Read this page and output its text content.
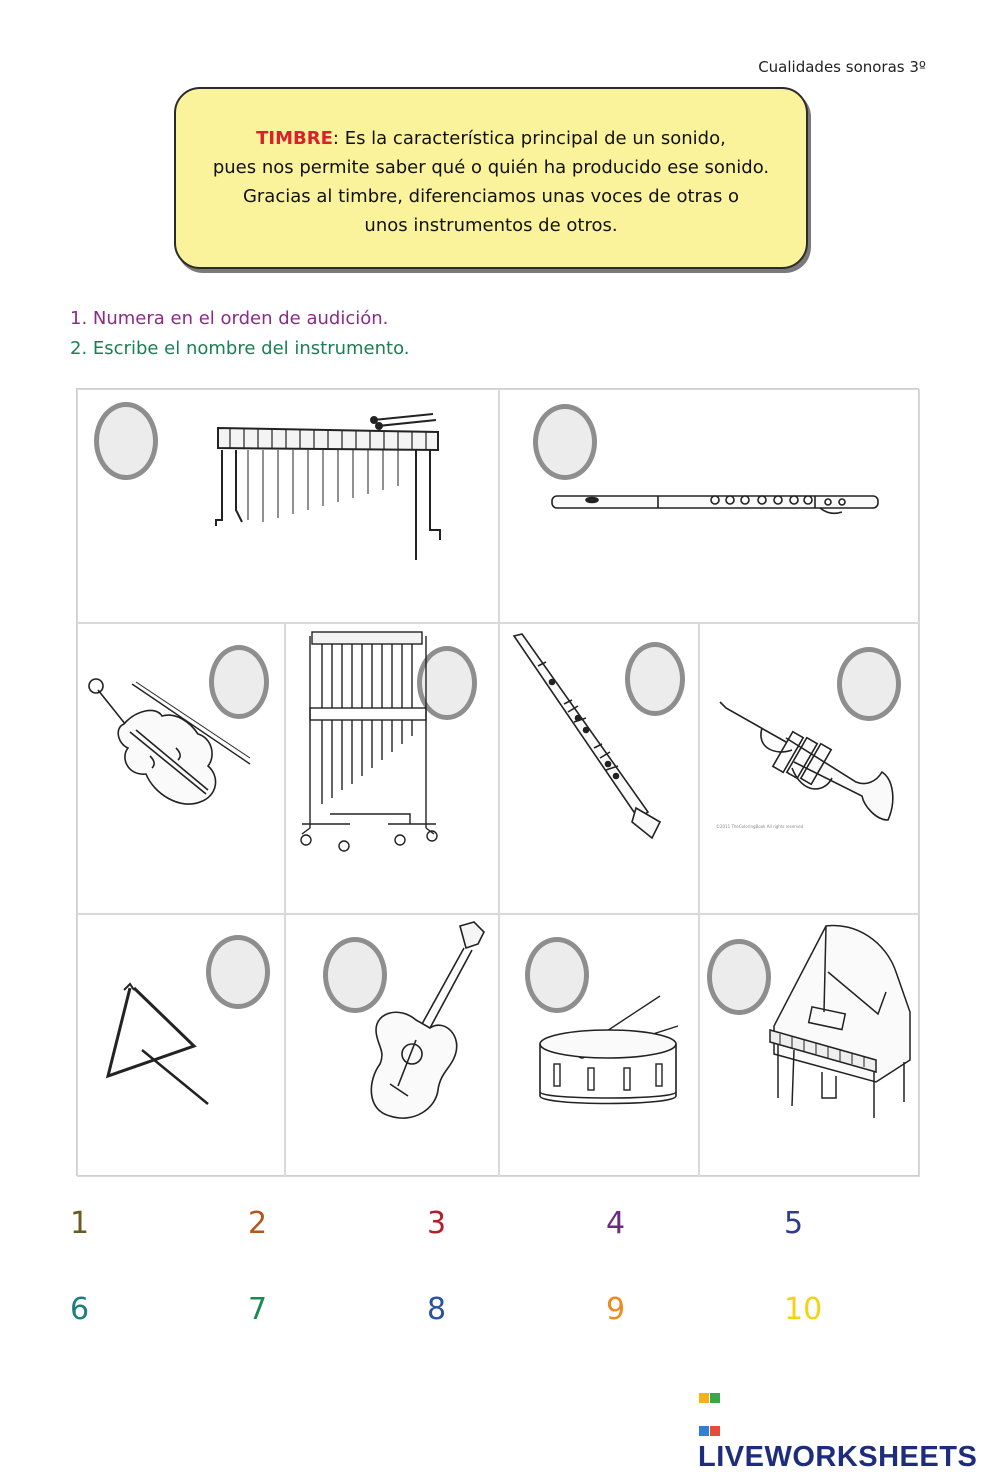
Cualidades sonoras 3º
TIMBRE: Es la característica principal de un sonido,
pues nos permite saber qué o quién ha producido ese sonido.
Gracias al timbre, diferenciamos unas voces de otras o
unos instrumentos de otros.
1. Numera en el orden de audición.
2. Escribe el nombre del instrumento.
©2011 TheColoringBook All rights reserved
1	2	3	4	5
6	7	8	9	10
LIVEWORKSHEETS
